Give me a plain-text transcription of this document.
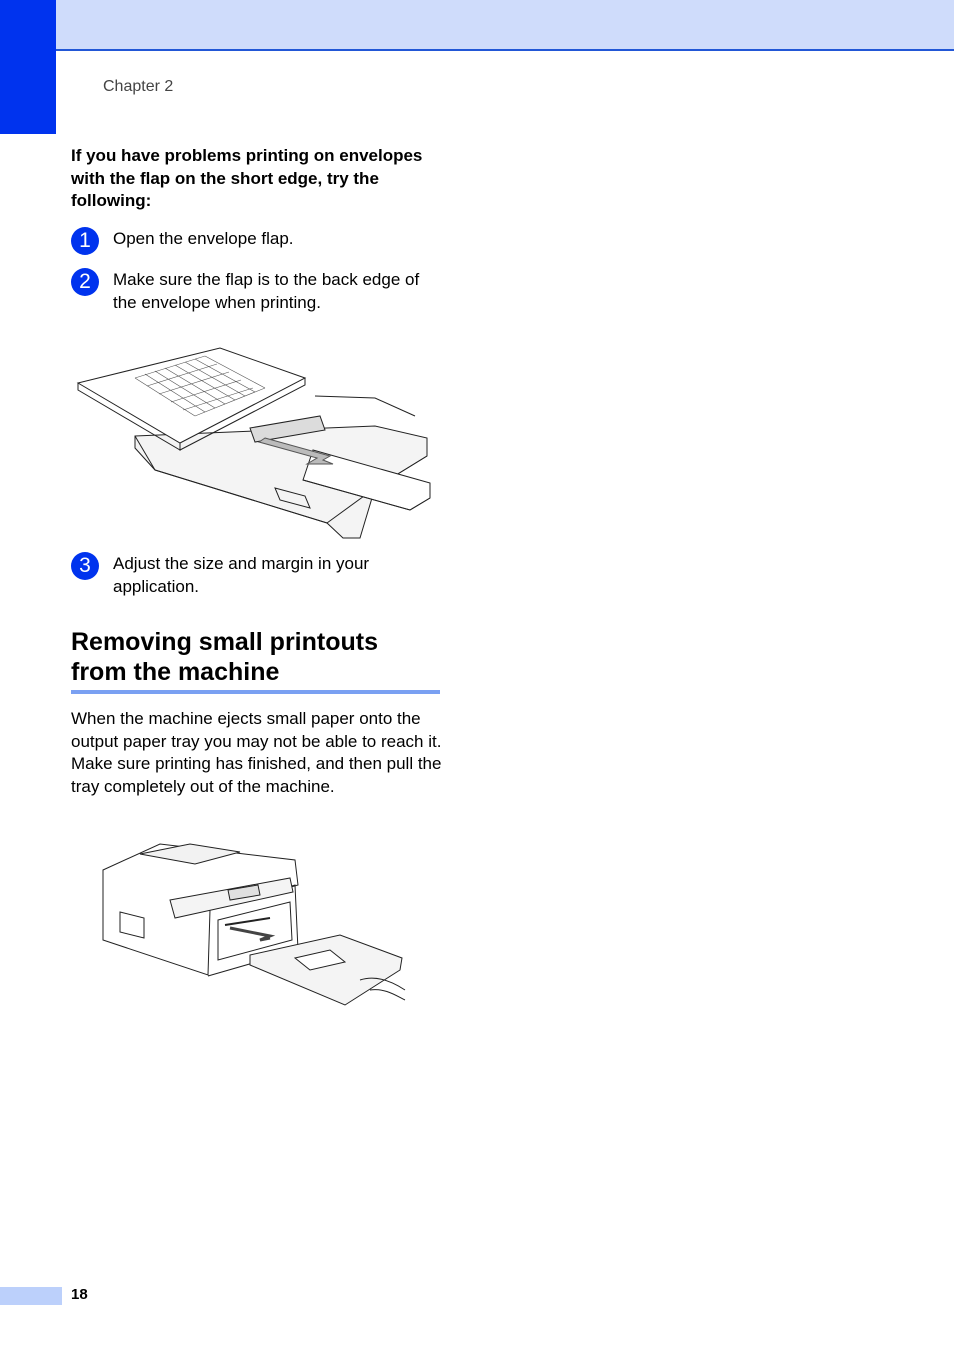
Chapter 2
If you have problems printing on envelopes with the flap on the short edge, try the following:
1	Open the envelope flap.
2	Make sure the flap is to the back edge of the envelope when printing.
3	Adjust the size and margin in your application.
Removing small printouts from the machine
When the machine ejects small paper onto the output paper tray you may not be able to reach it. Make sure printing has finished, and then pull the tray completely out of the machine.
18
